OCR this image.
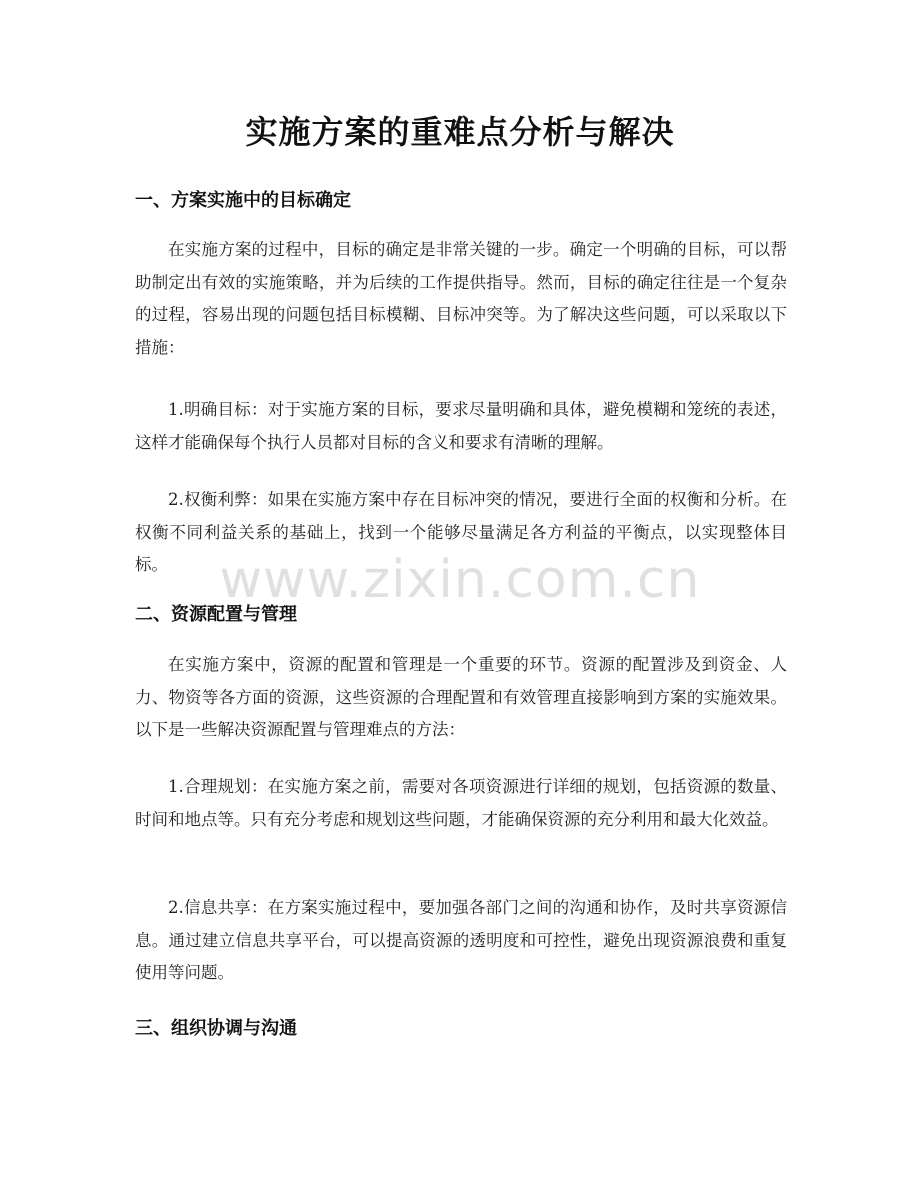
实施方案的重难点分析与解决
一、方案实施中的目标确定
在实施方案的过程中，目标的确定是非常关键的一步。确定一个明确的目标，可以帮助制定出有效的实施策略，并为后续的工作提供指导。然而，目标的确定往往是一个复杂的过程，容易出现的问题包括目标模糊、目标冲突等。为了解决这些问题，可以采取以下措施：
1.明确目标：对于实施方案的目标，要求尽量明确和具体，避免模糊和笼统的表述，这样才能确保每个执行人员都对目标的含义和要求有清晰的理解。
2.权衡利弊：如果在实施方案中存在目标冲突的情况，要进行全面的权衡和分析。在权衡不同利益关系的基础上，找到一个能够尽量满足各方利益的平衡点，以实现整体目标。
二、资源配置与管理
在实施方案中，资源的配置和管理是一个重要的环节。资源的配置涉及到资金、人力、物资等各方面的资源，这些资源的合理配置和有效管理直接影响到方案的实施效果。以下是一些解决资源配置与管理难点的方法：
1.合理规划：在实施方案之前，需要对各项资源进行详细的规划，包括资源的数量、时间和地点等。只有充分考虑和规划这些问题，才能确保资源的充分利用和最大化效益。
2.信息共享：在方案实施过程中，要加强各部门之间的沟通和协作，及时共享资源信息。通过建立信息共享平台，可以提高资源的透明度和可控性，避免出现资源浪费和重复使用等问题。
三、组织协调与沟通
www.zixin.com.cn
